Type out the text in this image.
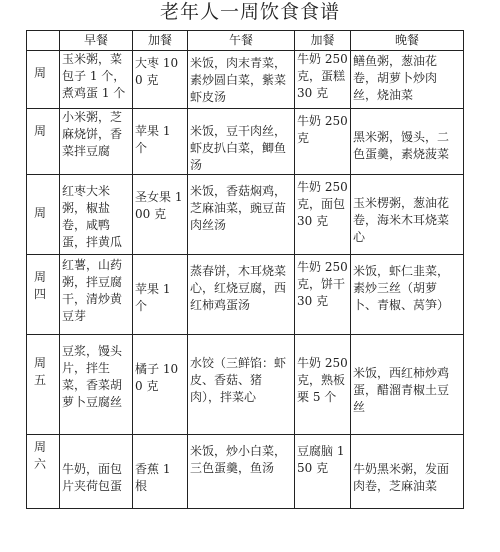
老年人一周饮食食谱
	早餐	加餐	午餐	加餐	晚餐
周	玉米粥，菜 包子 1 个， 煮鸡蛋 1 个	大枣 100 克	米饭，肉末青菜， 素炒圆白菜，紫菜 虾皮汤	牛奶 250 克，蛋糕 30 克	鳝鱼粥，葱油花 卷，胡萝卜炒肉 丝，烧油菜
周	小米粥，芝 麻烧饼，香 菜拌豆腐	苹果 1 个	米饭，豆干肉丝， 虾皮扒白菜，鲫鱼 汤	牛奶 250 克	黑米粥，馒头，二 色蛋羹，素烧菠菜
周	红枣大米 粥，椒盐 卷，咸鸭 蛋，拌黄瓜	圣女果 100 克	米饭，香菇焖鸡， 芝麻油菜，豌豆苗 肉丝汤	牛奶 250 克，面包 30 克	玉米楞粥，葱油花 卷，海米木耳烧菜 心
周四	红薯，山药 粥，拌豆腐 干，清炒黄 豆芽	苹果 1 个	蒸春饼，木耳烧菜 心，红烧豆腐，西 红柿鸡蛋汤	牛奶 250 克，饼干 30 克	米饭，虾仁韭菜， 素炒三丝（胡萝 卜、青椒、莴笋）
周五	豆浆，馒头 片，拌生 菜，香菜胡 萝卜豆腐丝	橘子 100 克	水饺（三鲜馅：虾 皮、香菇、猪 肉），拌菜心	牛奶 250 克，熟板 栗 5 个	米饭，西红柿炒鸡 蛋，醋溜青椒土豆 丝
周六	牛奶，面包 片夹荷包蛋	香蕉 1 根	米饭，炒小白菜， 三色蛋羹，鱼汤	豆腐脑 150 克	牛奶黑米粥，发面 肉卷，芝麻油菜
